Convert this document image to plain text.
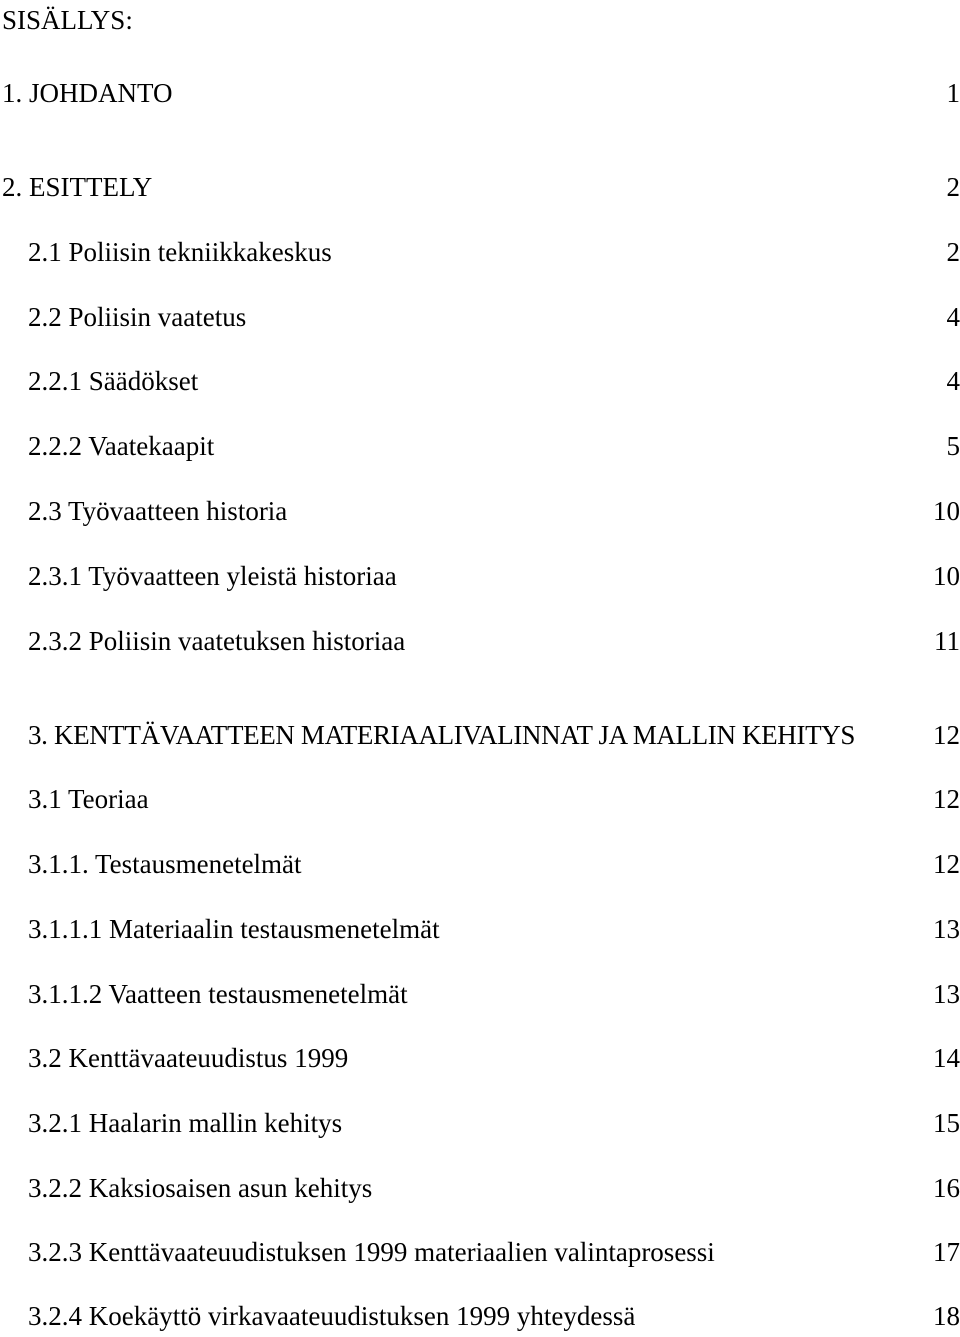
SISÄLLYS:
1. JOHDANTO	1
2. ESITTELY	2
2.1 Poliisin tekniikkakeskus	2
2.2 Poliisin vaatetus	4
2.2.1 Säädökset	4
2.2.2 Vaatekaapit	5
2.3 Työvaatteen historia	10
2.3.1 Työvaatteen yleistä historiaa	10
2.3.2 Poliisin vaatetuksen historiaa	11
3. KENTTÄVAATTEEN MATERIAALIVALINNAT JA MALLIN KEHITYS	12
3.1 Teoriaa	12
3.1.1. Testausmenetelmät	12
3.1.1.1 Materiaalin testausmenetelmät	13
3.1.1.2 Vaatteen testausmenetelmät	13
3.2 Kenttävaateuudistus 1999	14
3.2.1 Haalarin mallin kehitys	15
3.2.2 Kaksiosaisen asun kehitys	16
3.2.3 Kenttävaateuudistuksen 1999 materiaalien valintaprosessi	17
3.2.4 Koekäyttö virkavaateuudistuksen 1999 yhteydessä	18
